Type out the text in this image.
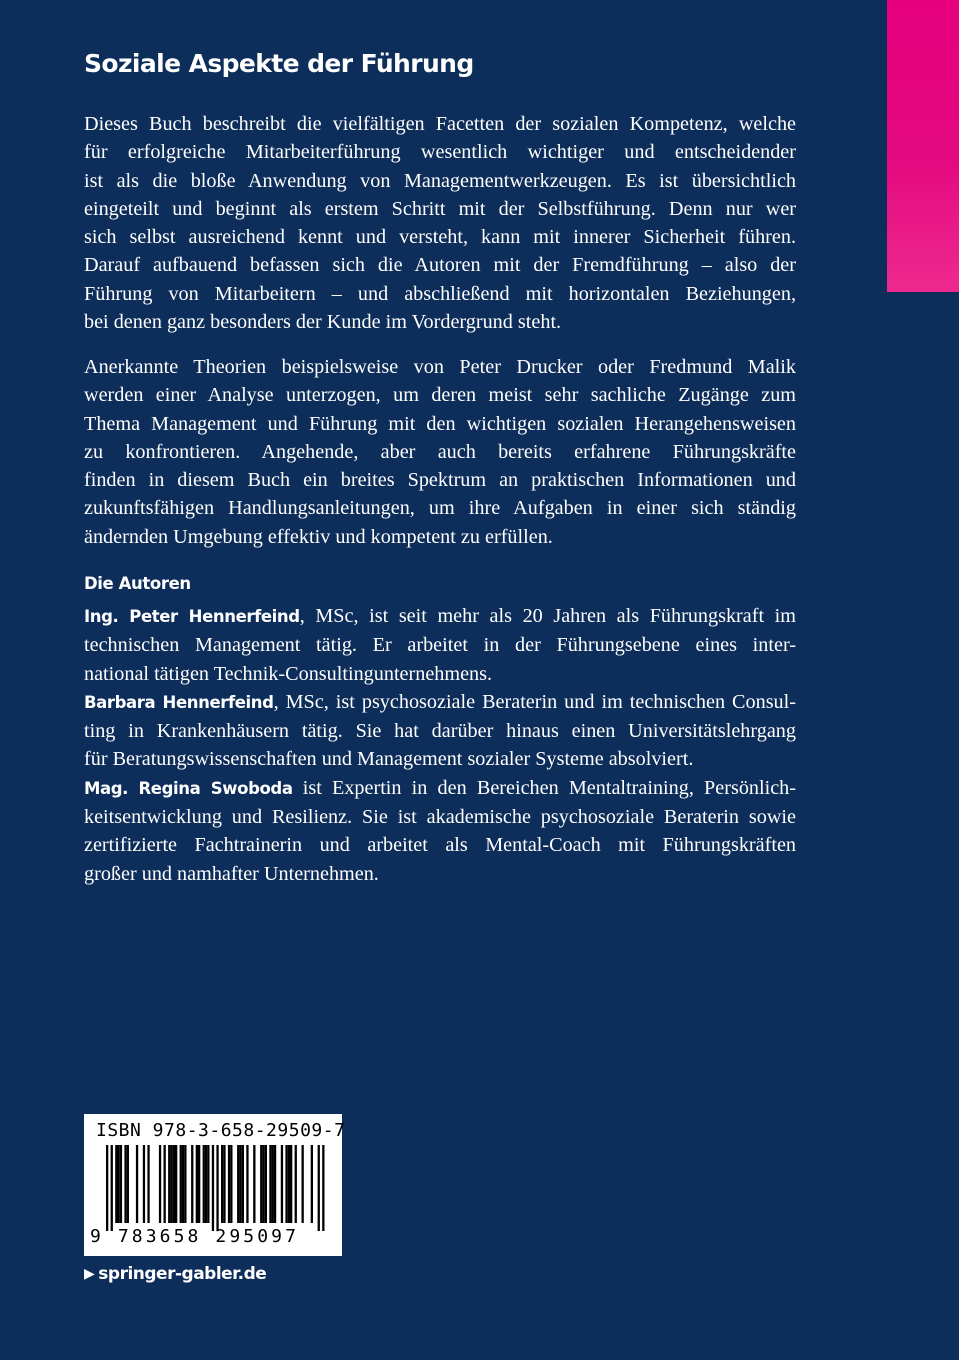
Soziale Aspekte der Führung

Dieses Buch beschreibt die vielfältigen Facetten der sozialen Kompetenz, welche
für erfolgreiche Mitarbeiterführung wesentlich wichtiger und entscheidender
ist als die bloße Anwendung von Managementwerkzeugen. Es ist übersichtlich
eingeteilt und beginnt als erstem Schritt mit der Selbstführung. Denn nur wer
sich selbst ausreichend kennt und versteht, kann mit innerer Sicherheit führen.
Darauf aufbauend befassen sich die Autoren mit der Fremdführung – also der
Führung von Mitarbeitern – und abschließend mit horizontalen Beziehungen,
bei denen ganz besonders der Kunde im Vordergrund steht.

Anerkannte Theorien beispielsweise von Peter Drucker oder Fredmund Malik
werden einer Analyse unterzogen, um deren meist sehr sachliche Zugänge zum
Thema Management und Führung mit den wichtigen sozialen Herangehensweisen
zu konfrontieren. Angehende, aber auch bereits erfahrene Führungskräfte
finden in diesem Buch ein breites Spektrum an praktischen Informationen und
zukunftsfähigen Handlungsanleitungen, um ihre Aufgaben in einer sich ständig
ändernden Umgebung effektiv und kompetent zu erfüllen.

Die Autoren
Ing. Peter Hennerfeind, MSc, ist seit mehr als 20 Jahren als Führungskraft im
technischen Management tätig. Er arbeitet in der Führungsebene eines inter-
national tätigen Technik-Consultingunternehmens.
Barbara Hennerfeind, MSc, ist psychosoziale Beraterin und im technischen Consul-
ting in Krankenhäusern tätig. Sie hat darüber hinaus einen Universitätslehrgang
für Beratungswissenschaften und Management sozialer Systeme absolviert.
Mag. Regina Swoboda ist Expertin in den Bereichen Mentaltraining, Persönlich-
keitsentwicklung und Resilienz. Sie ist akademische psychosoziale Beraterin sowie
zertifizierte Fachtrainerin und arbeitet als Mental-Coach mit Führungskräften
großer und namhafter Unternehmen.
ISBN 978-3-658-29509-7
9 783658 295097
▶ springer-gabler.de
